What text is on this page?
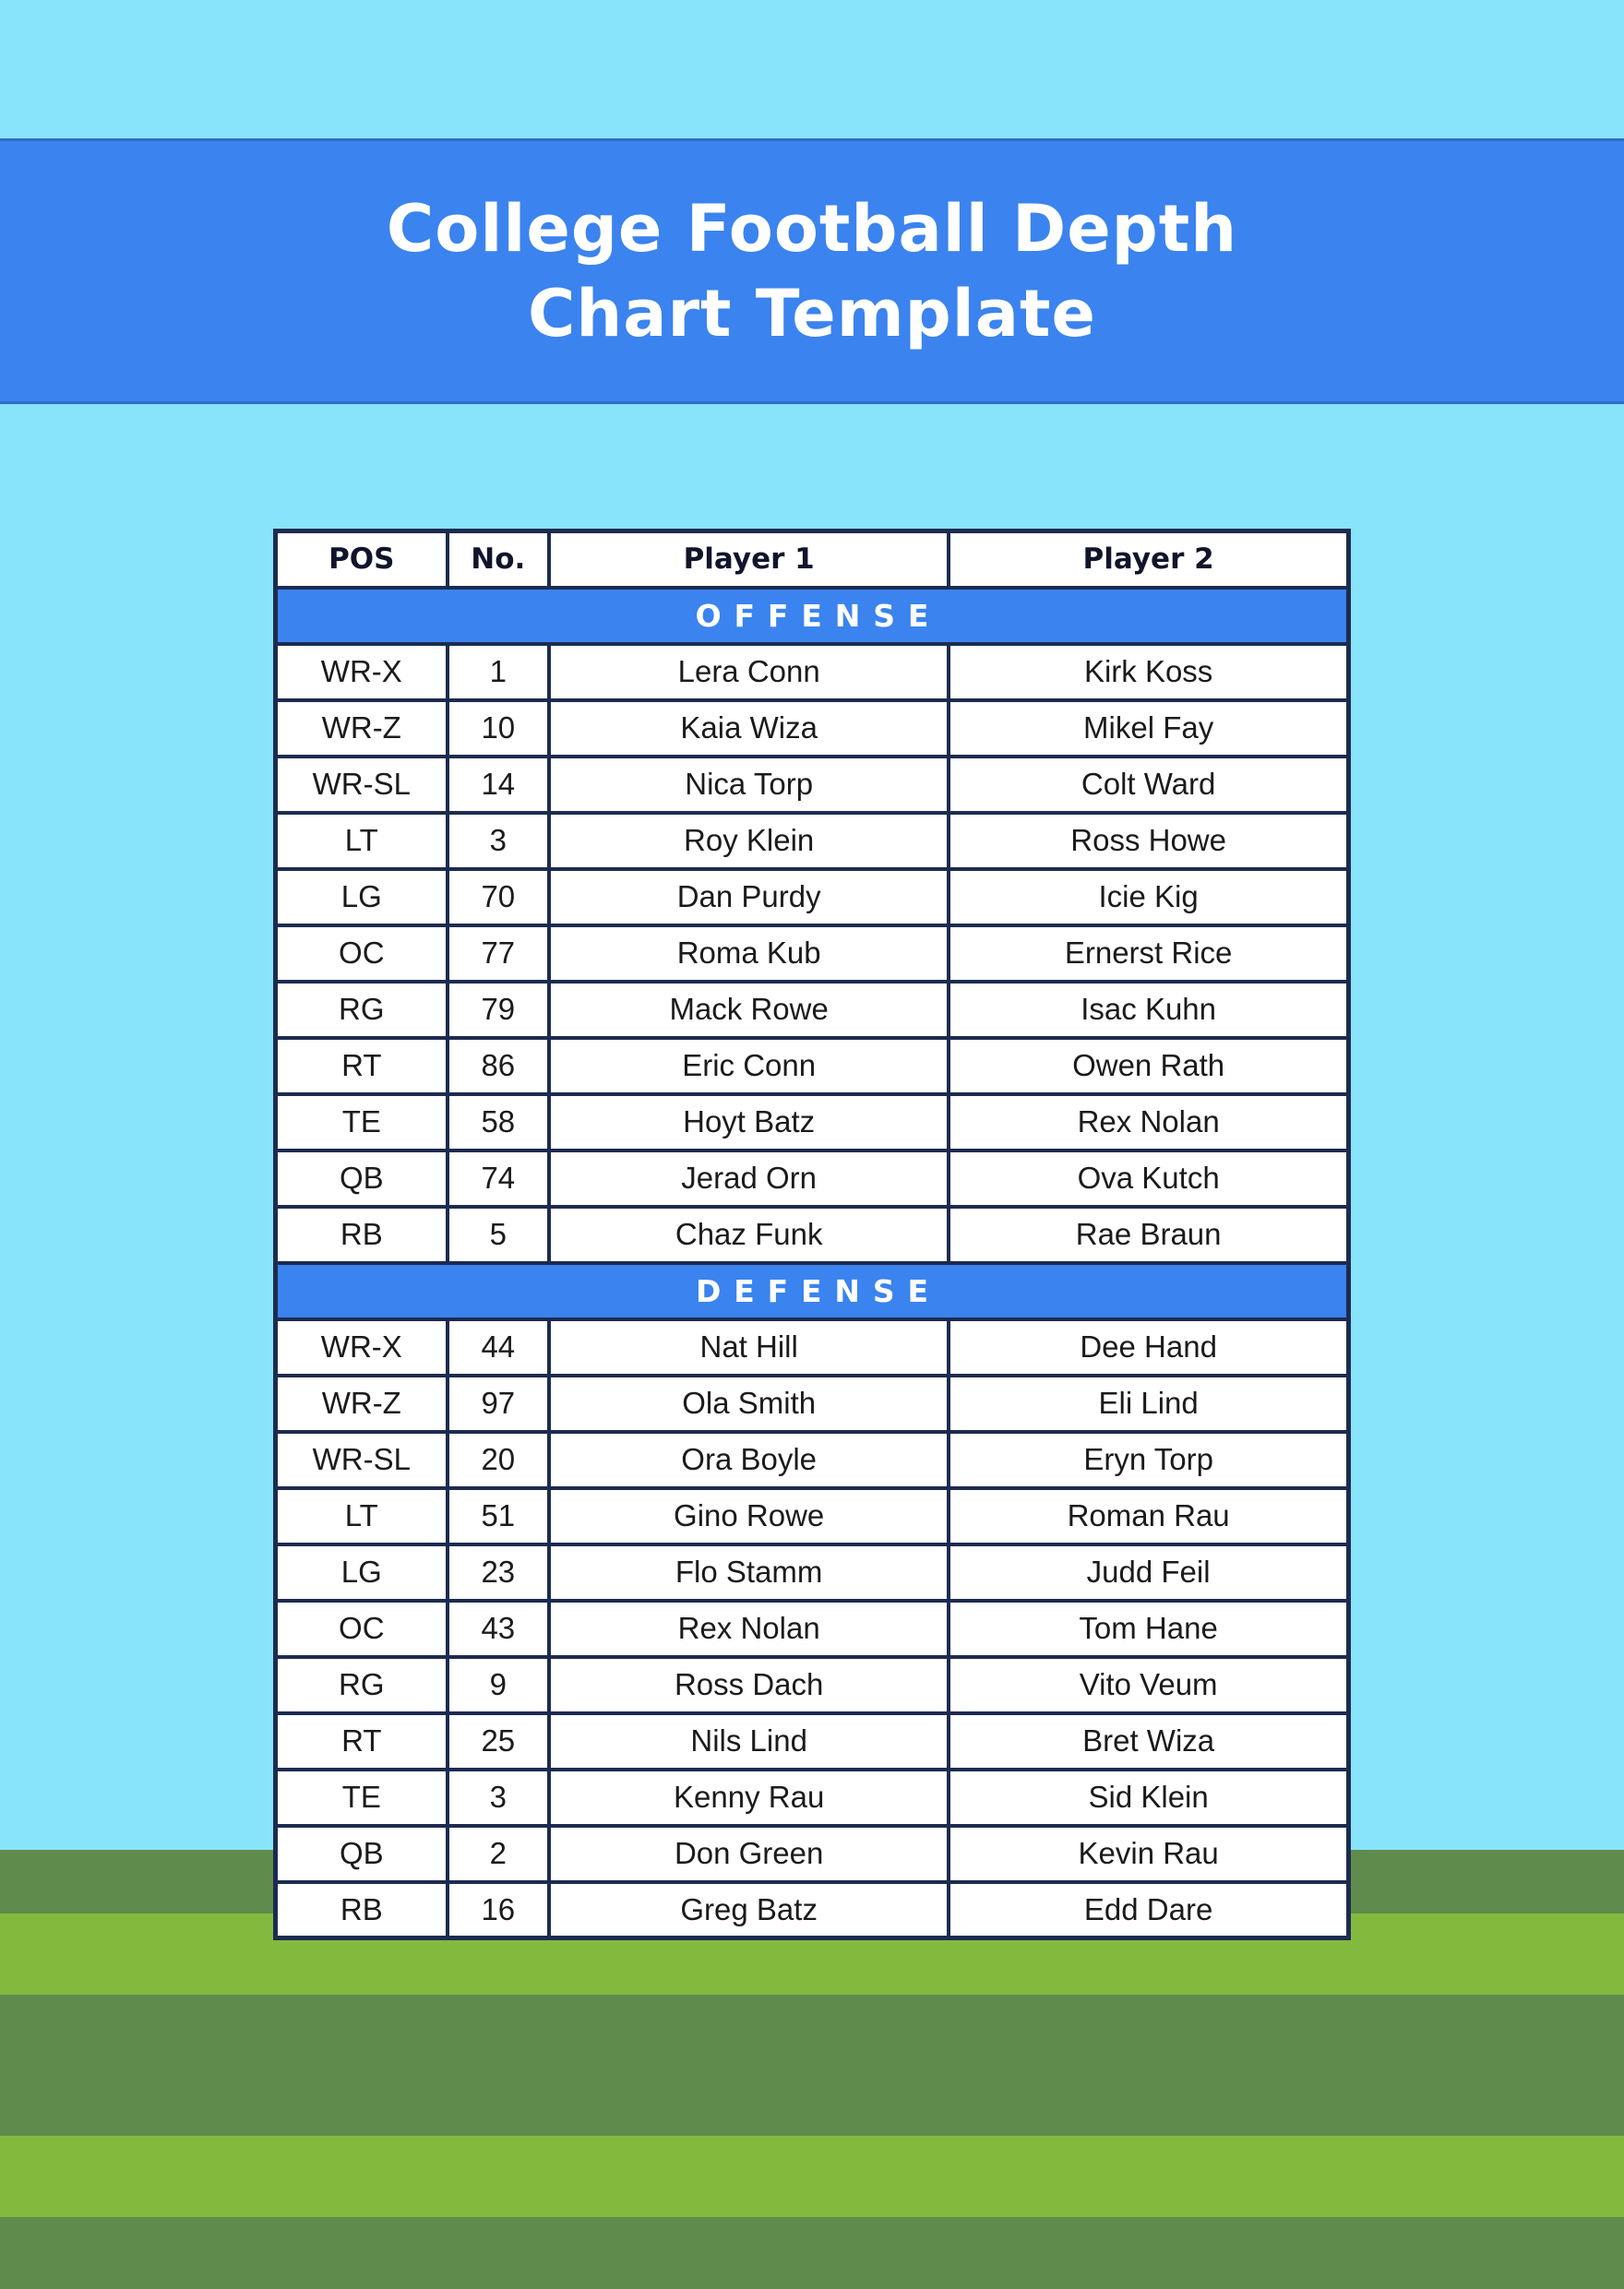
College Football Depth
Chart Template
POS	No.	Player 1	Player 2
OFFENSE			
WR-X	1	Lera Conn	Kirk Koss
WR-Z	10	Kaia Wiza	Mikel Fay
WR-SL	14	Nica Torp	Colt Ward
LT	3	Roy Klein	Ross Howe
LG	70	Dan Purdy	Icie Kig
OC	77	Roma Kub	Ernerst Rice
RG	79	Mack Rowe	Isac Kuhn
RT	86	Eric Conn	Owen Rath
TE	58	Hoyt Batz	Rex Nolan
QB	74	Jerad Orn	Ova Kutch
RB	5	Chaz Funk	Rae Braun
DEFENSE			
WR-X	44	Nat Hill	Dee Hand
WR-Z	97	Ola Smith	Eli Lind
WR-SL	20	Ora Boyle	Eryn Torp
LT	51	Gino Rowe	Roman Rau
LG	23	Flo Stamm	Judd Feil
OC	43	Rex Nolan	Tom Hane
RG	9	Ross Dach	Vito Veum
RT	25	Nils Lind	Bret Wiza
TE	3	Kenny Rau	Sid Klein
QB	2	Don Green	Kevin Rau
RB	16	Greg Batz	Edd Dare
